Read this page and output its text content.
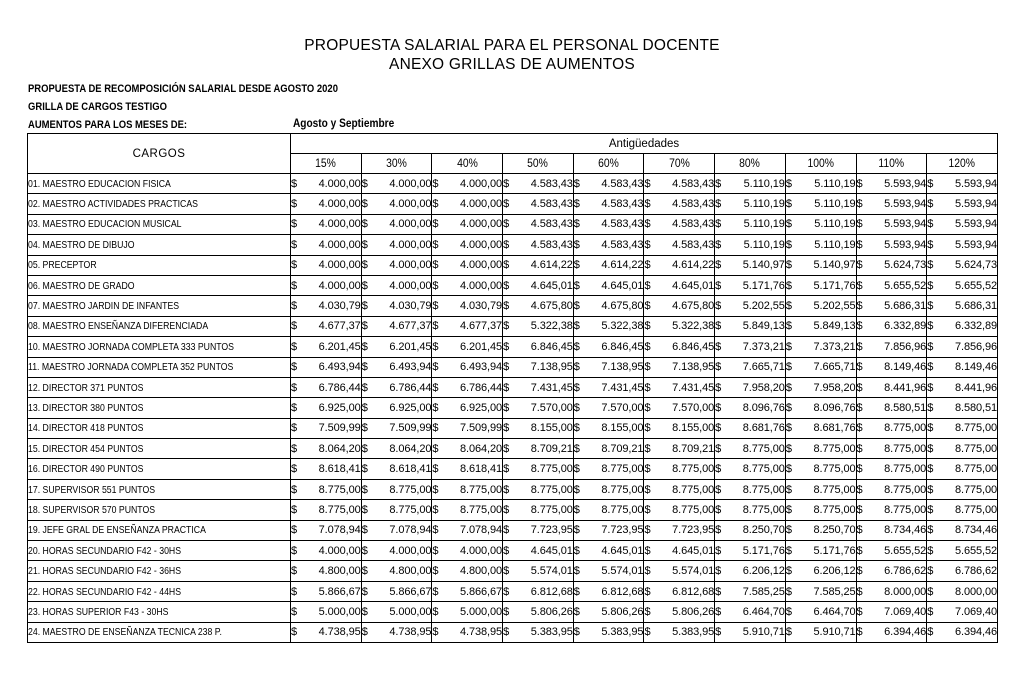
PROPUESTA SALARIAL PARA EL PERSONAL DOCENTE
ANEXO GRILLAS DE AUMENTOS
PROPUESTA DE RECOMPOSICIÓN SALARIAL DESDE AGOSTO 2020
GRILLA DE CARGOS TESTIGO
AUMENTOS PARA LOS MESES DE:	Agosto y Septiembre
CARGOS	Antigüedades									
	15%	30%	40%	50%	60%	70%	80%	100%	110%	120%
01. MAESTRO EDUCACION FISICA	$ 4.000,00	$ 4.000,00	$ 4.000,00	$ 4.583,43	$ 4.583,43	$ 4.583,43	$ 5.110,19	$ 5.110,19	$ 5.593,94	$ 5.593,94

02. MAESTRO ACTIVIDADES PRACTICAS	$ 4.000,00	$ 4.000,00	$ 4.000,00	$ 4.583,43	$ 4.583,43	$ 4.583,43	$ 5.110,19	$ 5.110,19	$ 5.593,94	$ 5.593,94

03. MAESTRO EDUCACION MUSICAL	$ 4.000,00	$ 4.000,00	$ 4.000,00	$ 4.583,43	$ 4.583,43	$ 4.583,43	$ 5.110,19	$ 5.110,19	$ 5.593,94	$ 5.593,94

04. MAESTRO DE DIBUJO	$ 4.000,00	$ 4.000,00	$ 4.000,00	$ 4.583,43	$ 4.583,43	$ 4.583,43	$ 5.110,19	$ 5.110,19	$ 5.593,94	$ 5.593,94

05. PRECEPTOR	$ 4.000,00	$ 4.000,00	$ 4.000,00	$ 4.614,22	$ 4.614,22	$ 4.614,22	$ 5.140,97	$ 5.140,97	$ 5.624,73	$ 5.624,73

06. MAESTRO DE GRADO	$ 4.000,00	$ 4.000,00	$ 4.000,00	$ 4.645,01	$ 4.645,01	$ 4.645,01	$ 5.171,76	$ 5.171,76	$ 5.655,52	$ 5.655,52

07. MAESTRO JARDIN DE INFANTES	$ 4.030,79	$ 4.030,79	$ 4.030,79	$ 4.675,80	$ 4.675,80	$ 4.675,80	$ 5.202,55	$ 5.202,55	$ 5.686,31	$ 5.686,31

08. MAESTRO ENSEÑANZA DIFERENCIADA	$ 4.677,37	$ 4.677,37	$ 4.677,37	$ 5.322,38	$ 5.322,38	$ 5.322,38	$ 5.849,13	$ 5.849,13	$ 6.332,89	$ 6.332,89

10. MAESTRO JORNADA COMPLETA 333 PUNTOS	$ 6.201,45	$ 6.201,45	$ 6.201,45	$ 6.846,45	$ 6.846,45	$ 6.846,45	$ 7.373,21	$ 7.373,21	$ 7.856,96	$ 7.856,96

11. MAESTRO JORNADA COMPLETA 352 PUNTOS	$ 6.493,94	$ 6.493,94	$ 6.493,94	$ 7.138,95	$ 7.138,95	$ 7.138,95	$ 7.665,71	$ 7.665,71	$ 8.149,46	$ 8.149,46

12. DIRECTOR 371 PUNTOS	$ 6.786,44	$ 6.786,44	$ 6.786,44	$ 7.431,45	$ 7.431,45	$ 7.431,45	$ 7.958,20	$ 7.958,20	$ 8.441,96	$ 8.441,96

13. DIRECTOR 380 PUNTOS	$ 6.925,00	$ 6.925,00	$ 6.925,00	$ 7.570,00	$ 7.570,00	$ 7.570,00	$ 8.096,76	$ 8.096,76	$ 8.580,51	$ 8.580,51

14. DIRECTOR 418 PUNTOS	$ 7.509,99	$ 7.509,99	$ 7.509,99	$ 8.155,00	$ 8.155,00	$ 8.155,00	$ 8.681,76	$ 8.681,76	$ 8.775,00	$ 8.775,00

15. DIRECTOR 454 PUNTOS	$ 8.064,20	$ 8.064,20	$ 8.064,20	$ 8.709,21	$ 8.709,21	$ 8.709,21	$ 8.775,00	$ 8.775,00	$ 8.775,00	$ 8.775,00

16. DIRECTOR 490 PUNTOS	$ 8.618,41	$ 8.618,41	$ 8.618,41	$ 8.775,00	$ 8.775,00	$ 8.775,00	$ 8.775,00	$ 8.775,00	$ 8.775,00	$ 8.775,00

17. SUPERVISOR 551 PUNTOS	$ 8.775,00	$ 8.775,00	$ 8.775,00	$ 8.775,00	$ 8.775,00	$ 8.775,00	$ 8.775,00	$ 8.775,00	$ 8.775,00	$ 8.775,00

18. SUPERVISOR 570 PUNTOS	$ 8.775,00	$ 8.775,00	$ 8.775,00	$ 8.775,00	$ 8.775,00	$ 8.775,00	$ 8.775,00	$ 8.775,00	$ 8.775,00	$ 8.775,00

19. JEFE GRAL DE ENSEÑANZA PRACTICA	$ 7.078,94	$ 7.078,94	$ 7.078,94	$ 7.723,95	$ 7.723,95	$ 7.723,95	$ 8.250,70	$ 8.250,70	$ 8.734,46	$ 8.734,46

20. HORAS SECUNDARIO F42 - 30HS	$ 4.000,00	$ 4.000,00	$ 4.000,00	$ 4.645,01	$ 4.645,01	$ 4.645,01	$ 5.171,76	$ 5.171,76	$ 5.655,52	$ 5.655,52

21. HORAS SECUNDARIO F42 - 36HS	$ 4.800,00	$ 4.800,00	$ 4.800,00	$ 5.574,01	$ 5.574,01	$ 5.574,01	$ 6.206,12	$ 6.206,12	$ 6.786,62	$ 6.786,62

22. HORAS SECUNDARIO F42 - 44HS	$ 5.866,67	$ 5.866,67	$ 5.866,67	$ 6.812,68	$ 6.812,68	$ 6.812,68	$ 7.585,25	$ 7.585,25	$ 8.000,00	$ 8.000,00

23. HORAS SUPERIOR F43 - 30HS	$ 5.000,00	$ 5.000,00	$ 5.000,00	$ 5.806,26	$ 5.806,26	$ 5.806,26	$ 6.464,70	$ 6.464,70	$ 7.069,40	$ 7.069,40

24. MAESTRO DE ENSEÑANZA TECNICA 238 P.	$ 4.738,95	$ 4.738,95	$ 4.738,95	$ 5.383,95	$ 5.383,95	$ 5.383,95	$ 5.910,71	$ 5.910,71	$ 6.394,46	$ 6.394,46
